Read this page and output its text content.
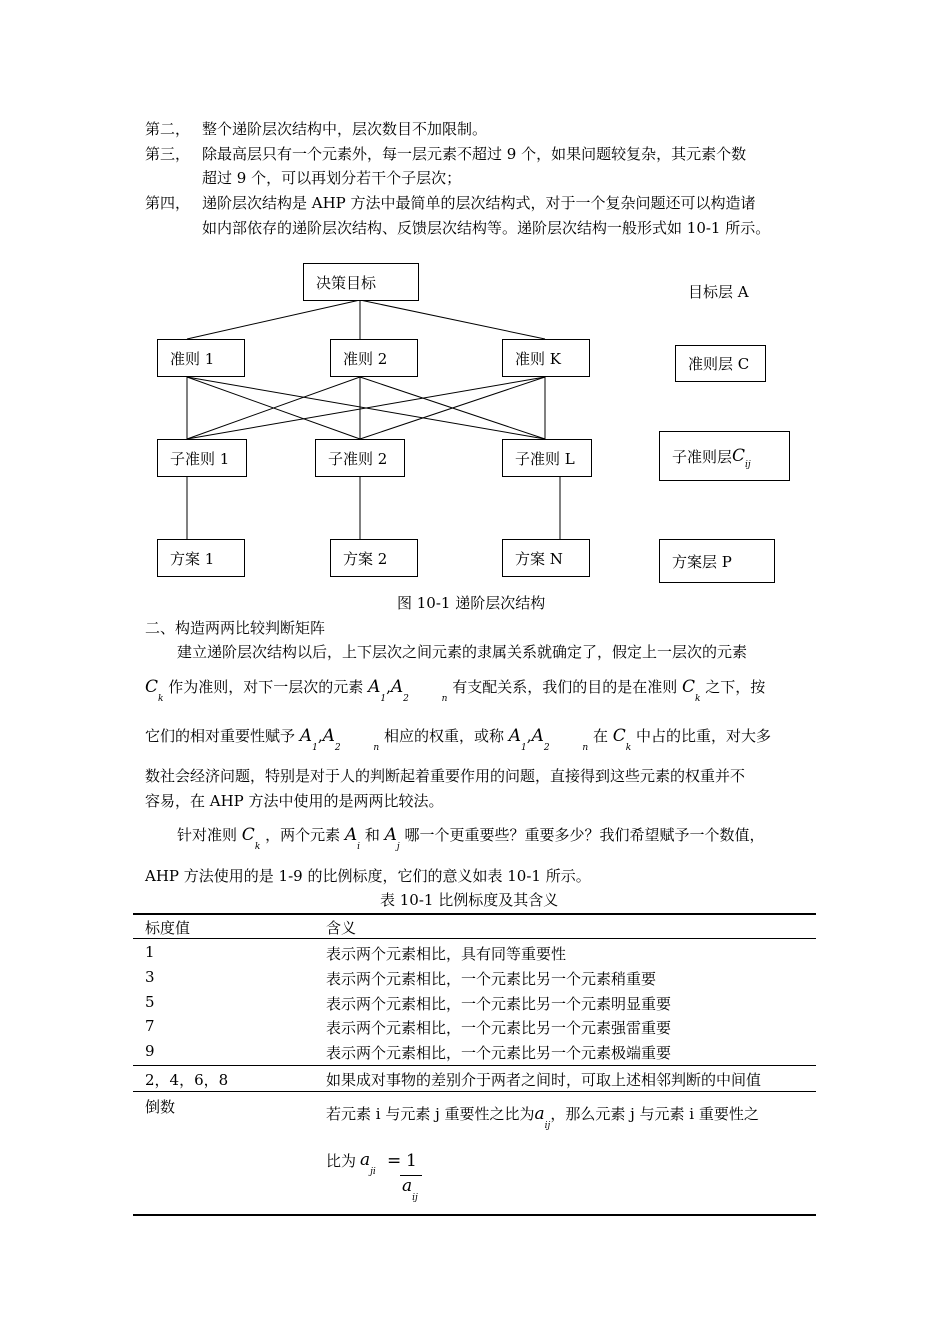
第二， 整个递阶层次结构中，层次数目不加限制。
第三， 除最高层只有一个元素外，每一层元素不超过 9 个，如果问题较复杂，其元素个数
超过 9 个，可以再划分若干个子层次；
第四， 递阶层次结构是 AHP 方法中最简单的层次结构式，对于一个复杂问题还可以构造诸
如内部依存的递阶层次结构、反馈层次结构等。递阶层次结构一般形式如 10-1 所示。
决策目标
准则 1	准则 2	准则 K
子准则 1	子准则 2	子准则 L
方案 1	方案 2	方案 N
目标层 A
准则层 C
子准则层 C ij
方案层 P
图 10-1 递阶层次结构
二、构造两两比较判断矩阵
建立递阶层次结构以后，上下层次之间元素的隶属关系就确定了，假定上一层次的元素
$C_k$ 作为准则，对下一层次的元素 $A_1,A_2$	$_n$ 有支配关系，我们的目的是在准则 $C_k$ 之下，按
它们的相对重要性赋予 $A_1,A_2$	$_n$ 相应的权重，或称 $A_1,A_2$	$_n$ 在 $C_k$ 中占的比重，对大多
数社会经济问题，特别是对于人的判断起着重要作用的问题，直接得到这些元素的权重并不
容易，在 AHP 方法中使用的是两两比较法。
针对准则 $C_k$ ，两个元素 $A_i$ 和 $A_j$ 哪一个更重要些？重要多少？我们希望赋予一个数值，
AHP 方法使用的是 1-9 的比例标度，它们的意义如表 10-1 所示。
表 10-1 比例标度及其含义
标度值	含义
1	表示两个元素相比，具有同等重要性
3	表示两个元素相比，一个元素比另一个元素稍重要
5	表示两个元素相比，一个元素比另一个元素明显重要
7	表示两个元素相比，一个元素比另一个元素强雷重要
9	表示两个元素相比，一个元素比另一个元素极端重要
2，4，6，8	如果成对事物的差别介于两者之间时，可取上述相邻判断的中间值
倒数	若元素 i 与元素 j 重要性之比为$a_{ij}$，那么元素 j 与元素 i 重要性之
比为 $a_{ji}$
= 1
$a_{ij}$
